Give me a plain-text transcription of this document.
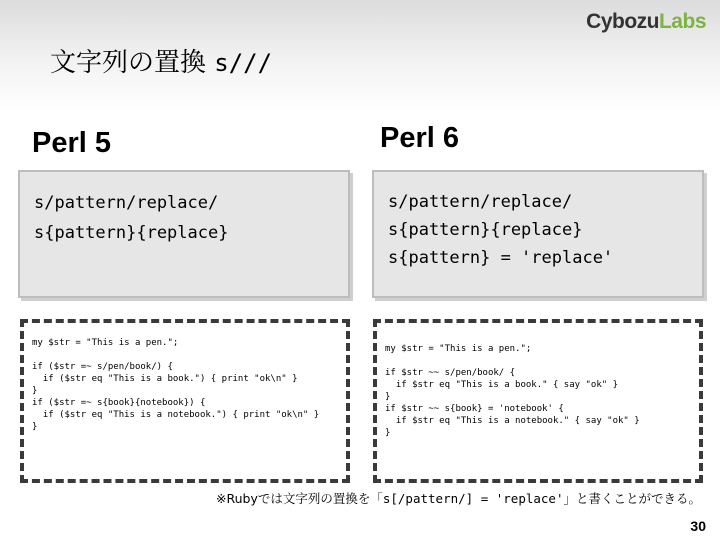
CybozuLabs
文字列の置換 s///
Perl 5	Perl 6
s/pattern/replace/
s{pattern}{replace}
s/pattern/replace/
s{pattern}{replace}
s{pattern} = 'replace'
my $str = "This is a pen.";

if ($str =~ s/pen/book/) {
if ($str eq "This is a book.") { print "ok\n" }
}
if ($str =~ s{book}{notebook}) {
if ($str eq "This is a notebook.") { print "ok\n" }
}
my $str = "This is a pen.";

if $str ~~ s/pen/book/ {
if $str eq "This is a book." { say "ok" }
}
if $str ~~ s{book} = 'notebook' {
if $str eq "This is a notebook." { say "ok" }
}
※Rubyでは文字列の置換を「s[/pattern/] = 'replace'」と書くことができる。
30
